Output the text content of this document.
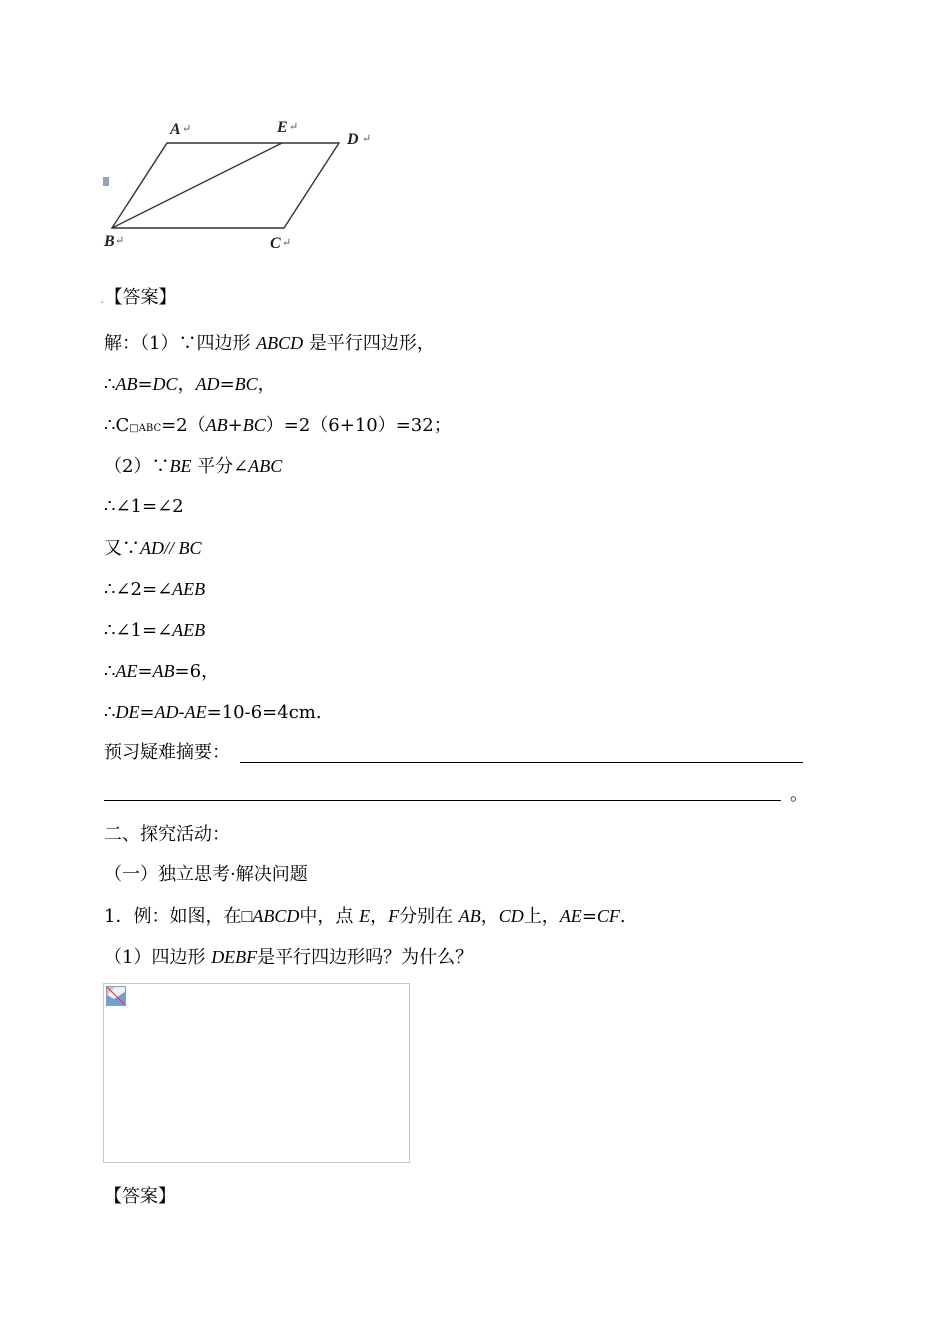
A ↵	E ↵
D ↵
B ↵	C ↵
.【答案】
解：（1）∵四边形 ABCD 是平行四边形，
∴AB=DC，AD=BC，
∴C□ABC=2（AB+BC）=2（6+10）=32；
（2）∵BE 平分∠ABC
∴∠1=∠2
又∵AD// BC
∴∠2=∠AEB
∴∠1=∠AEB
∴AE=AB=6，
∴DE=AD-AE=10-6=4cm.
预习疑难摘要：
。
二、探究活动：
（一）独立思考·解决问题
1．例：如图，在□ABCD中，点 E，F分别在 AB，CD上，AE=CF.
（1）四边形 DEBF是平行四边形吗？为什么？
【答案】
